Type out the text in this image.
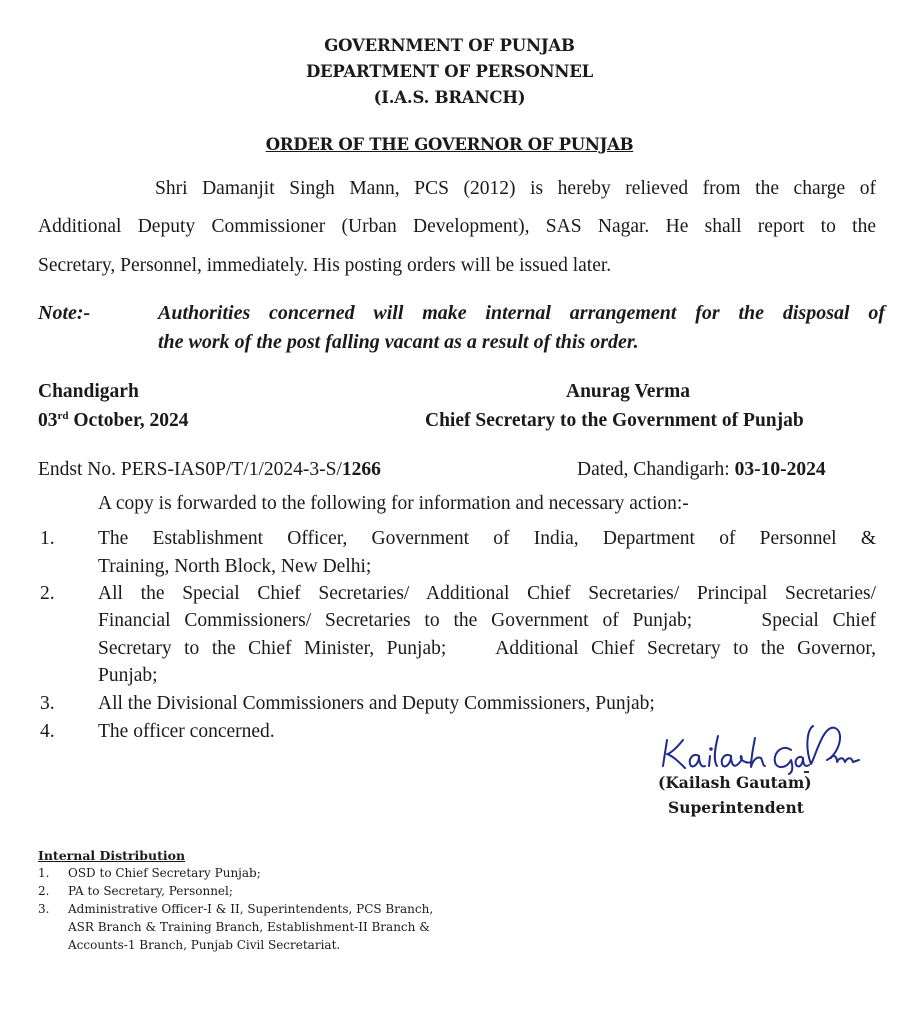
GOVERNMENT OF PUNJAB
DEPARTMENT OF PERSONNEL
(I.A.S. BRANCH)
ORDER OF THE GOVERNOR OF PUNJAB
Shri Damanjit Singh Mann, PCS (2012) is hereby relieved from the charge of
Additional Deputy Commissioner (Urban Development), SAS Nagar. He shall report to the
Secretary, Personnel, immediately. His posting orders will be issued later.
Note:-	Authorities concerned will make internal arrangement for the disposal of
the work of the post falling vacant as a result of this order.
Chandigarh
03rd October, 2024
Anurag Verma
Chief Secretary to the Government of Punjab
Endst No. PERS-IAS0P/T/1/2024-3-S/1266	Dated, Chandigarh: 03-10-2024
A copy is forwarded to the following for information and necessary action:-
1. The Establishment Officer, Government of India, Department of Personnel &
Training, North Block, New Delhi;
2. All the Special Chief Secretaries/ Additional Chief Secretaries/ Principal Secretaries/
Financial Commissioners/ Secretaries to the Government of Punjab;     Special Chief
Secretary to the Chief Minister, Punjab;    Additional Chief Secretary to the Governor,
Punjab;
3. All the Divisional Commissioners and Deputy Commissioners, Punjab;
4. The officer concerned.
(Kailash Gautam)
Superintendent
Internal Distribution
1. OSD to Chief Secretary Punjab;
2. PA to Secretary, Personnel;
3. Administrative Officer-I & II, Superintendents, PCS Branch,
ASR Branch & Training Branch, Establishment-II Branch &
Accounts-1 Branch, Punjab Civil Secretariat.
